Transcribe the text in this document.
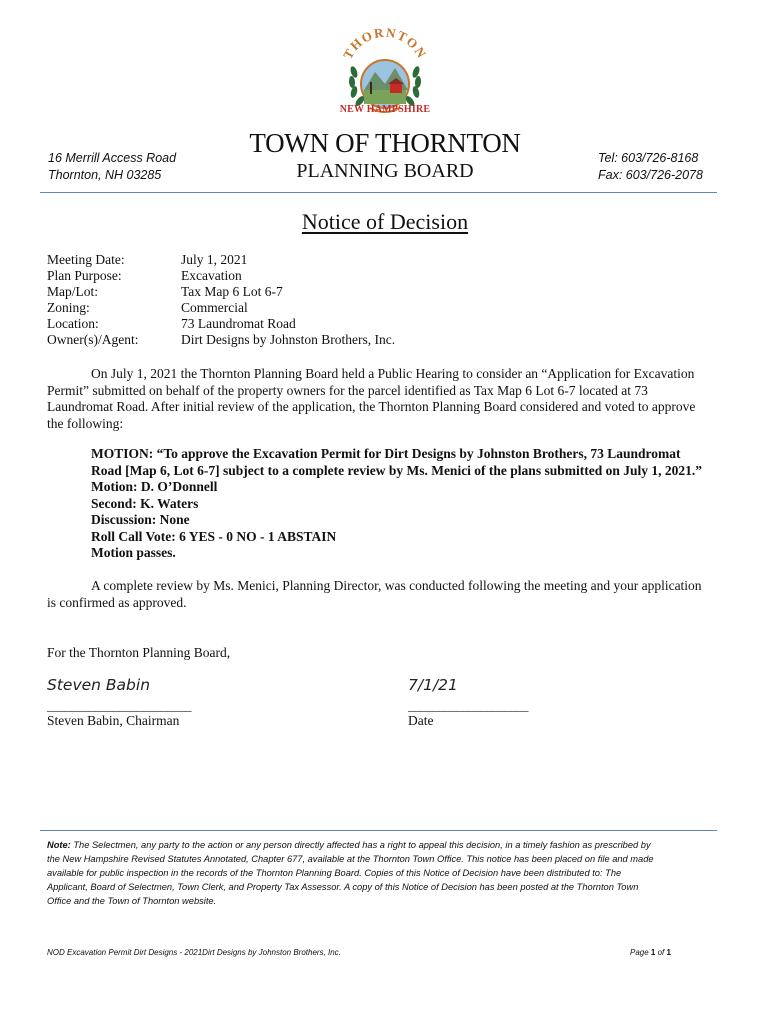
THORNTON
NEW HAMPSHIRE
16 Merrill Access Road
Thornton, NH 03285
TOWN OF THORNTON
PLANNING BOARD
Tel: 603/726-8168
Fax: 603/726-2078
Notice of Decision
Meeting Date:	July 1, 2021
Plan Purpose:	Excavation
Map/Lot:	Tax Map 6 Lot 6-7
Zoning:	Commercial
Location:	73 Laundromat Road
Owner(s)/Agent:	Dirt Designs by Johnston Brothers, Inc.
On July 1, 2021 the Thornton Planning Board held a Public Hearing to consider an “Application for Excavation
Permit” submitted on behalf of the property owners for the parcel identified as Tax Map 6 Lot 6-7 located at 73
Laundromat Road. After initial review of the application, the Thornton Planning Board considered and voted to approve
the following:
MOTION: “To approve the Excavation Permit for Dirt Designs by Johnston Brothers, 73 Laundromat
Road [Map 6, Lot 6-7] subject to a complete review by Ms. Menici of the plans submitted on July 1, 2021.”
Motion: D. O’Donnell
Second: K. Waters
Discussion: None
Roll Call Vote: 6 YES - 0 NO - 1 ABSTAIN
Motion passes.
A complete review by Ms. Menici, Planning Director, was conducted following the meeting and your application
is confirmed as approved.
For the Thornton Planning Board,
Steven Babin
________________________
Steven Babin, Chairman
7/1/21
____________________
Date
Note: The Selectmen, any party to the action or any person directly affected has a right to appeal this decision, in a timely fashion as prescribed by
the New Hampshire Revised Statutes Annotated, Chapter 677, available at the Thornton Town Office. This notice has been placed on file and made
available for public inspection in the records of the Thornton Planning Board. Copies of this Notice of Decision have been distributed to: The
Applicant, Board of Selectmen, Town Clerk, and Property Tax Assessor. A copy of this Notice of Decision has been posted at the Thornton Town
Office and the Town of Thornton website.
NOD Excavation Permit Dirt Designs - 2021Dirt Designs by Johnston Brothers, Inc.	Page 1 of 1
